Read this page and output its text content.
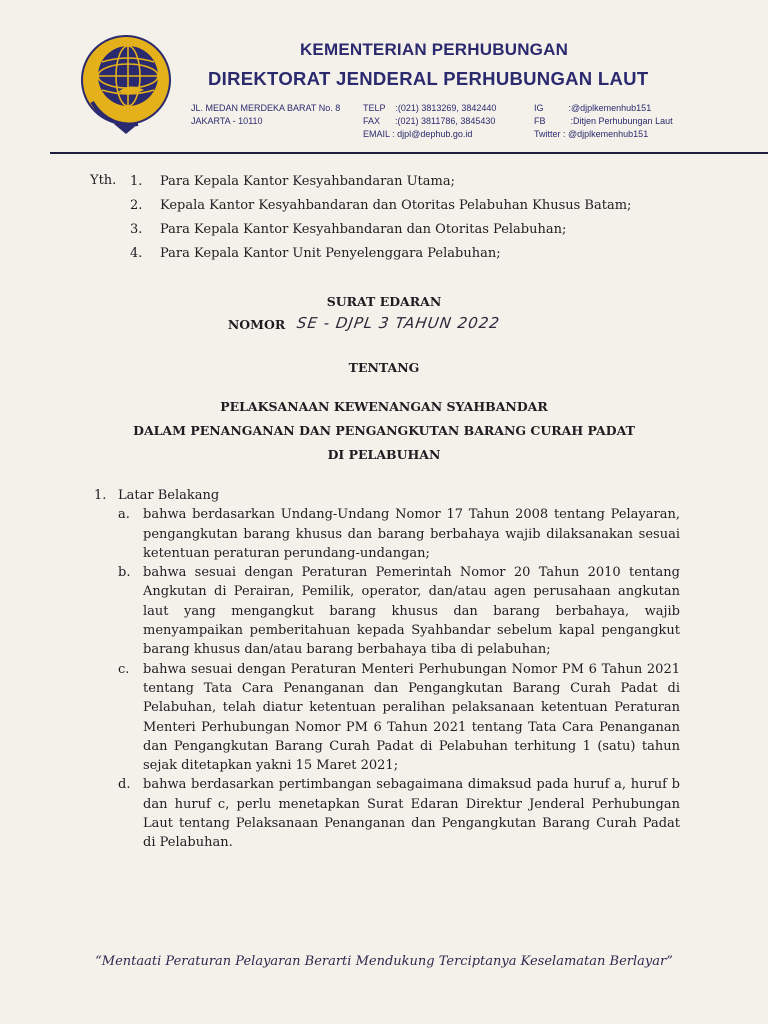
KEMENTERIAN PERHUBUNGAN
DIREKTORAT JENDERAL PERHUBUNGAN LAUT
JL. MEDAN MERDEKA BARAT No. 8
JAKARTA - 10110
TELP    :(021) 3813269, 3842440
FAX      :(021) 3811786, 3845430
EMAIL : djpl@dephub.go.id
IG          :@djplkemenhub151
FB          :Ditjen Perhubungan Laut
Twitter : @djplkemenhub151
Yth. 1.	Para Kepala Kantor Kesyahbandaran Utama;
2.	Kepala Kantor Kesyahbandaran dan Otoritas Pelabuhan Khusus Batam;
3.	Para Kepala Kantor Kesyahbandaran dan Otoritas Pelabuhan;
4.	Para Kepala Kantor Unit Penyelenggara Pelabuhan;
SURAT EDARAN
NOMOR SE - DJPL 3 TAHUN 2022
TENTANG
PELAKSANAAN KEWENANGAN SYAHBANDAR
DALAM PENANGANAN DAN PENGANGKUTAN BARANG CURAH PADAT
DI PELABUHAN
1. Latar Belakang
a.	bahwa berdasarkan Undang-Undang Nomor 17 Tahun 2008 tentang Pelayaran, pengangkutan barang khusus dan barang berbahaya wajib dilaksanakan sesuai ketentuan peraturan perundang-undangan;
b. bahwa sesuai dengan Peraturan Pemerintah Nomor 20 Tahun 2010 tentang Angkutan di Perairan, Pemilik, operator, dan/atau agen perusahaan angkutan laut yang mengangkut barang khusus dan barang berbahaya, wajib menyampaikan pemberitahuan kepada Syahbandar sebelum kapal pengangkut barang khusus dan/atau barang berbahaya tiba di pelabuhan;
c.	bahwa sesuai dengan Peraturan Menteri Perhubungan Nomor PM 6 Tahun 2021 tentang Tata Cara Penanganan dan Pengangkutan Barang Curah Padat di Pelabuhan, telah diatur ketentuan peralihan pelaksanaan ketentuan Peraturan Menteri Perhubungan Nomor PM 6 Tahun 2021 tentang Tata Cara Penanganan dan Pengangkutan Barang Curah Padat di Pelabuhan terhitung 1 (satu) tahun sejak ditetapkan yakni 15 Maret 2021;
d. bahwa berdasarkan pertimbangan sebagaimana dimaksud pada huruf a, huruf b dan huruf c, perlu menetapkan Surat Edaran Direktur Jenderal Perhubungan Laut tentang Pelaksanaan Penanganan dan Pengangkutan Barang Curah Padat di Pelabuhan.
“Mentaati Peraturan Pelayaran Berarti Mendukung Terciptanya Keselamatan Berlayar”
